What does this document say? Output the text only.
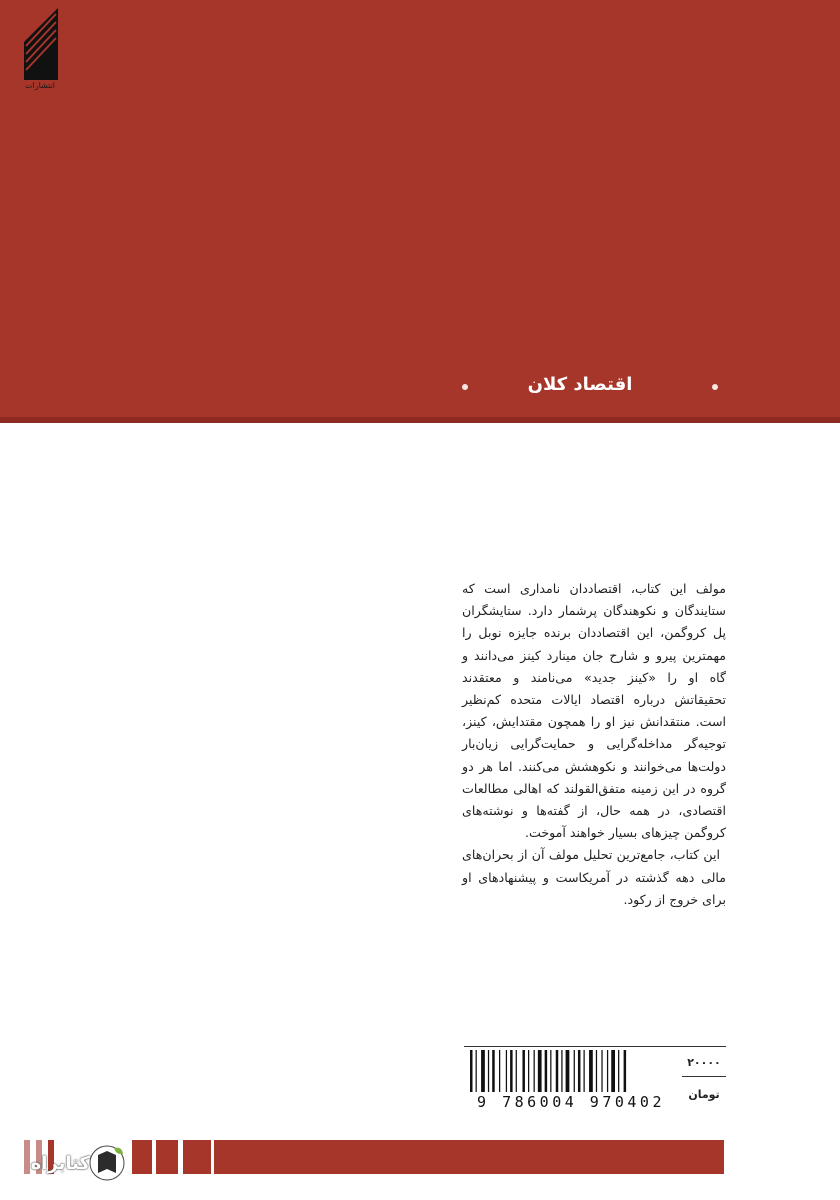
انتشارات
اقتصاد کلان

مولف این کتاب، اقتصاددان نامداری است که ستایندگان و نکوهندگان پرشمار دارد. ستایشگران پل کروگمن، این اقتصاددان برنده جایزه نوبل را مهمترین پیرو و شارح جان مینارد کینز می‌دانند و گاه او را «کینز جدید» می‌نامند و معتقدند تحقیقاتش درباره اقتصاد ایالات متحده کم‌نظیر است. منتقدانش نیز او را همچون مقتدایش، کینز، توجیه‌گر مداخله‌گرایی و حمایت‌گرایی زیان‌بار دولت‌ها می‌خوانند و نکوهشش می‌کنند. اما هر دو گروه در این زمینه متفق‌القولند که اهالی مطالعات اقتصادی، در همه حال، از گفته‌ها و نوشته‌های کروگمن چیزهای بسیار خواهند آموخت.

این کتاب، جامع‌ترین تحلیل مولف آن از بحران‌های مالی دهه گذشته در آمریکاست و پیشنهادهای او برای خروج از رکود.

9 786004 970402
۲۰۰۰۰
تومان
کتابراه
